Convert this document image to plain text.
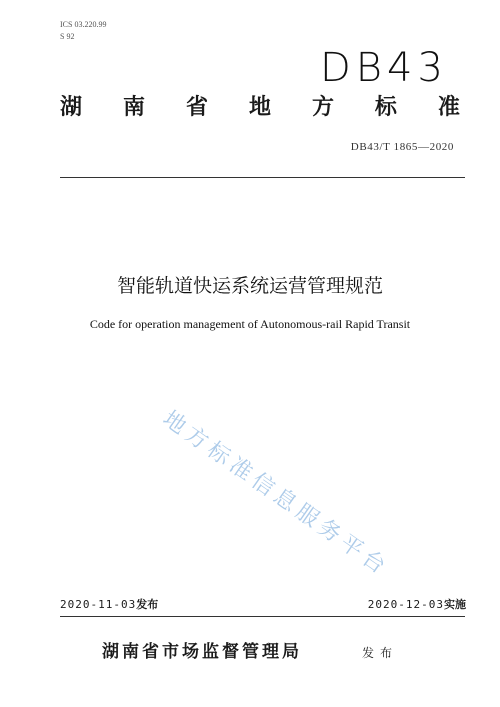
ICS 03.220.99
S 92
DB43
湖 南 省 地 方 标 准
DB43/T 1865—2020
智能轨道快运系统运营管理规范
Code for operation management of Autonomous-rail Rapid Transit
地方标准信息服务平台
2020-11-03发布	2020-12-03实施
湖南省市场监督管理局	发布
